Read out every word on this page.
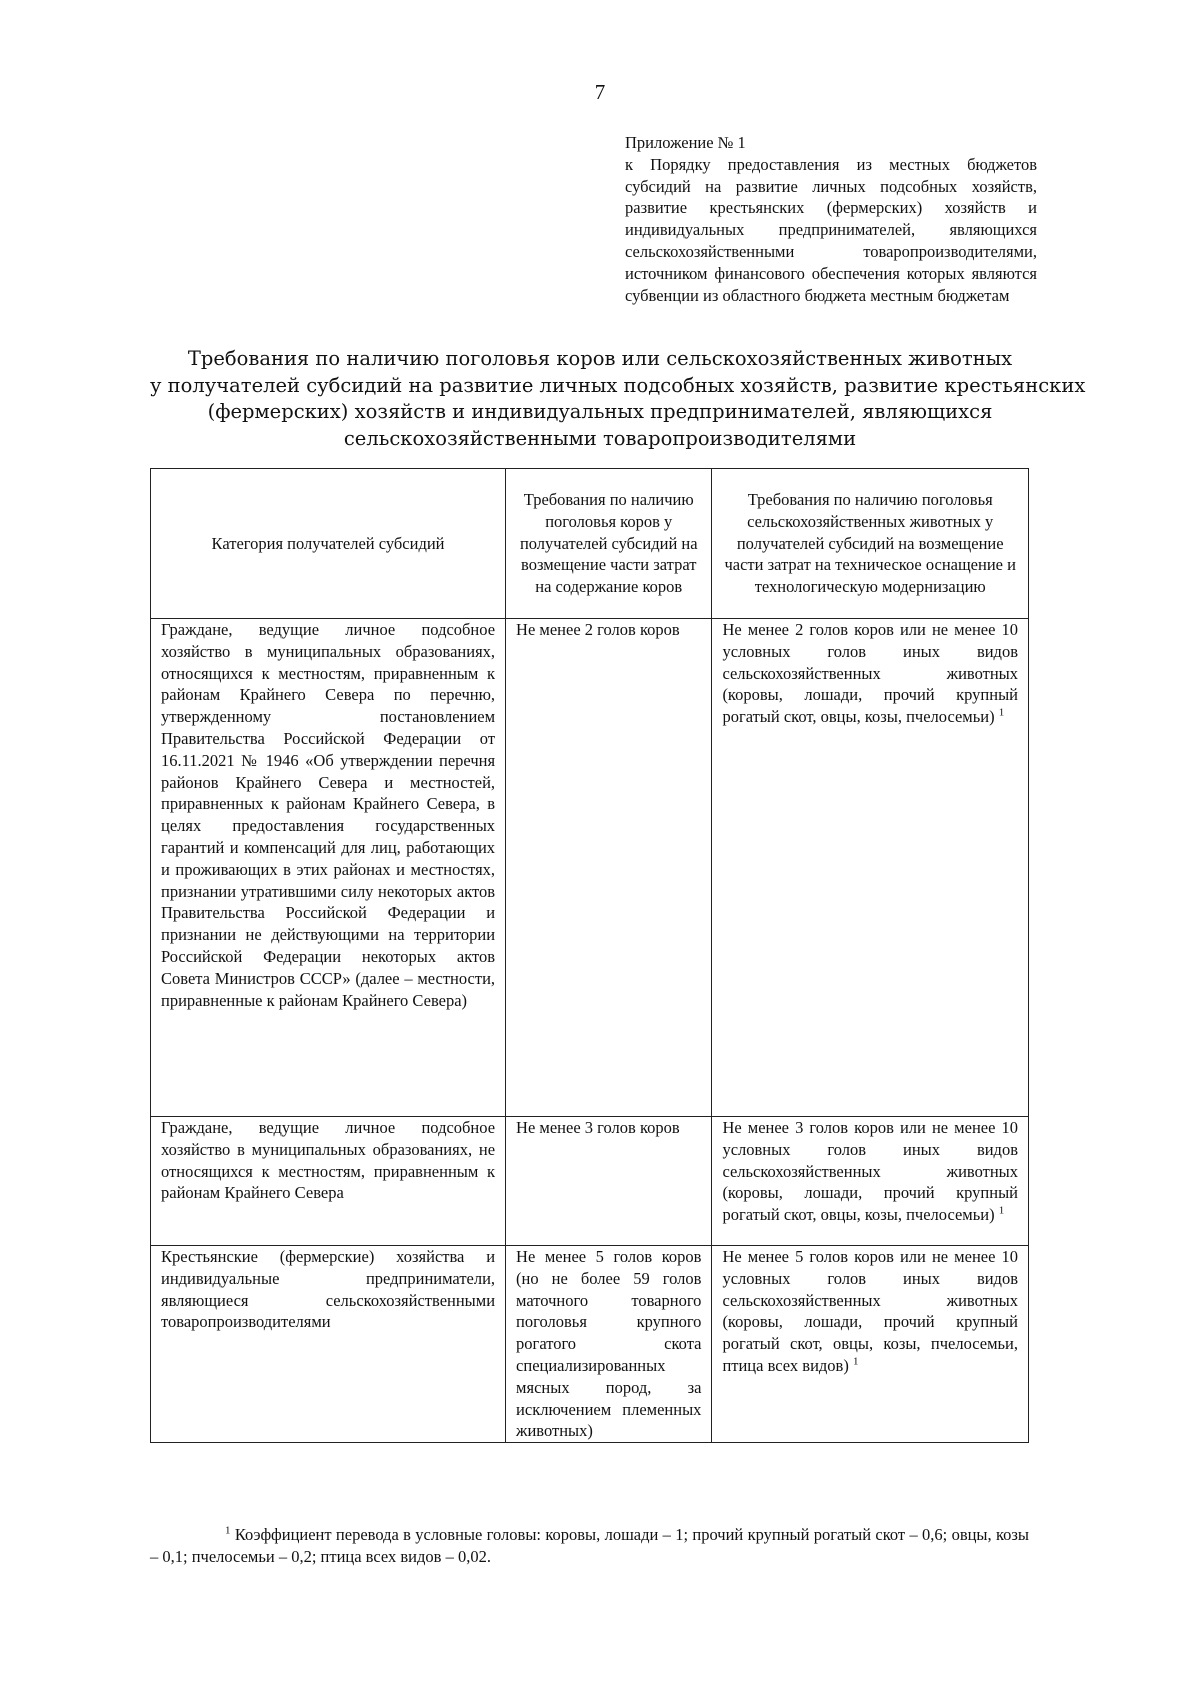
7

Приложение № 1

к Порядку предоставления из местных бюджетов субсидий на развитие личных подсобных хозяйств, развитие крестьянских (фермерских) хозяйств и индивидуальных предпринимателей, являющихся сельскохозяйственными товаропроизводителями, источником финансового обеспечения которых являются субвенции из областного бюджета местным бюджетам

Требования по наличию поголовья коров или сельскохозяйственных животных
у получателей субсидий на развитие личных подсобных хозяйств, развитие крестьянских
(фермерских) хозяйств и индивидуальных предпринимателей, являющихся
сельскохозяйственными товаропроизводителями
Категория получателей субсидий	Требования по наличию поголовья коров у получателей субсидий на возмещение части затрат на содержание коров	Требования по наличию поголовья сельскохозяйственных животных у получателей субсидий на возмещение части затрат на техническое оснащение и технологическую модернизацию
Граждане, ведущие личное подсобное хозяйство в муниципальных образованиях, относящихся к местностям, приравненным к районам Крайнего Севера по перечню, утвержденному постановлением Правительства Российской Федерации от 16.11.2021 № 1946 «Об утверждении перечня районов Крайнего Севера и местностей, приравненных к районам Крайнего Севера, в целях предоставления государственных гарантий и компенсаций для лиц, работающих и проживающих в этих районах и местностях, признании утратившими силу некоторых актов Правительства Российской Федерации и признании не действующими на территории Российской Федерации некоторых актов Совета Министров СССР» (далее – местности, приравненные к районам Крайнего Севера)	Не менее 2 голов коров	Не менее 2 голов коров или не менее 10 условных голов иных видов сельскохозяйственных животных (коровы, лошади, прочий крупный рогатый скот, овцы, козы, пчелосемьи) $^1$
Граждане, ведущие личное подсобное хозяйство в муниципальных образованиях, не относящихся к местностям, приравненным к районам Крайнего Севера	Не менее 3 голов коров	Не менее 3 голов коров или не менее 10 условных голов иных видов сельскохозяйственных животных (коровы, лошади, прочий крупный рогатый скот, овцы, козы, пчелосемьи) $^1$
Крестьянские (фермерские) хозяйства и индивидуальные предприниматели, являющиеся сельскохозяйственными товаропроизводителями	Не менее 5 голов коров (но не более 59 голов маточного товарного поголовья крупного рогатого скота специализированных мясных пород, за исключением племенных животных)	Не менее 5 голов коров или не менее 10 условных голов иных видов сельскохозяйственных животных (коровы, лошади, прочий крупный рогатый скот, овцы, козы, пчелосемьи, птица всех видов) $^1$
$^1$ Коэффициент перевода в условные головы: коровы, лошади – 1; прочий крупный рогатый скот – 0,6; овцы, козы – 0,1; пчелосемьи – 0,2; птица всех видов – 0,02.
